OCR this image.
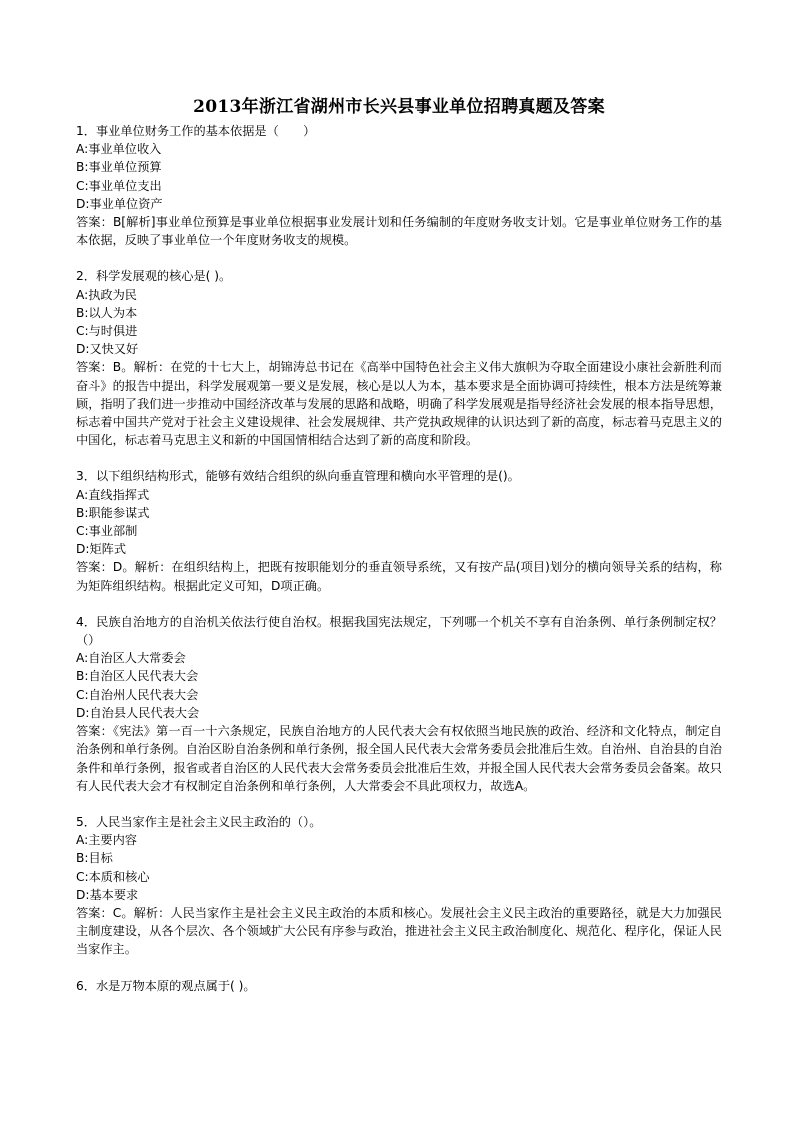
2013年浙江省湖州市长兴县事业单位招聘真题及答案

1．事业单位财务工作的基本依据是（　　）

A:事业单位收入

B:事业单位预算

C:事业单位支出

D:事业单位资产

答案：B[解析]事业单位预算是事业单位根据事业发展计划和任务编制的年度财务收支计划。它是事业单位财务工作的基本依据，反映了事业单位一个年度财务收支的规模。

2．科学发展观的核心是( )。

A:执政为民

B:以人为本

C:与时俱进

D:又快又好

答案：B。解析：在党的十七大上，胡锦涛总书记在《高举中国特色社会主义伟大旗帜为夺取全面建设小康社会新胜利而奋斗》的报告中提出，科学发展观第一要义是发展，核心是以人为本，基本要求是全面协调可持续性，根本方法是统筹兼顾，指明了我们进一步推动中国经济改革与发展的思路和战略，明确了科学发展观是指导经济社会发展的根本指导思想，标志着中国共产党对于社会主义建设规律、社会发展规律、共产党执政规律的认识达到了新的高度，标志着马克思主义的中国化，标志着马克思主义和新的中国国情相结合达到了新的高度和阶段。

3．以下组织结构形式，能够有效结合组织的纵向垂直管理和横向水平管理的是()。

A:直线指挥式

B:职能参谋式

C:事业部制

D:矩阵式

答案：D。解析：在组织结构上，把既有按职能划分的垂直领导系统，又有按产品(项目)划分的横向领导关系的结构，称为矩阵组织结构。根据此定义可知，D项正确。

4．民族自治地方的自治机关依法行使自治权。根据我国宪法规定，下列哪一个机关不享有自治条例、单行条例制定权？（）

A:自治区人大常委会

B:自治区人民代表大会

C:自治州人民代表大会

D:自治县人民代表大会

答案：《宪法》第一百一十六条规定，民族自治地方的人民代表大会有权依照当地民族的政治、经济和文化特点，制定自治条例和单行条例。自治区盼自治条例和单行条例，报全国人民代表大会常务委员会批准后生效。自治州、自治县的自治条件和单行条例，报省或者自治区的人民代表大会常务委员会批准后生效，并报全国人民代表大会常务委员会备案。故只有人民代表大会才有权制定自治条例和单行条例，人大常委会不具此项权力，故选A。

5．人民当家作主是社会主义民主政治的（）。

A:主要内容

B:目标

C:本质和核心

D:基本要求

答案：C。解析：人民当家作主是社会主义民主政治的本质和核心。发展社会主义民主政治的重要路径，就是大力加强民主制度建设，从各个层次、各个领域扩大公民有序参与政治，推进社会主义民主政治制度化、规范化、程序化，保证人民当家作主。

6．水是万物本原的观点属于( )。
